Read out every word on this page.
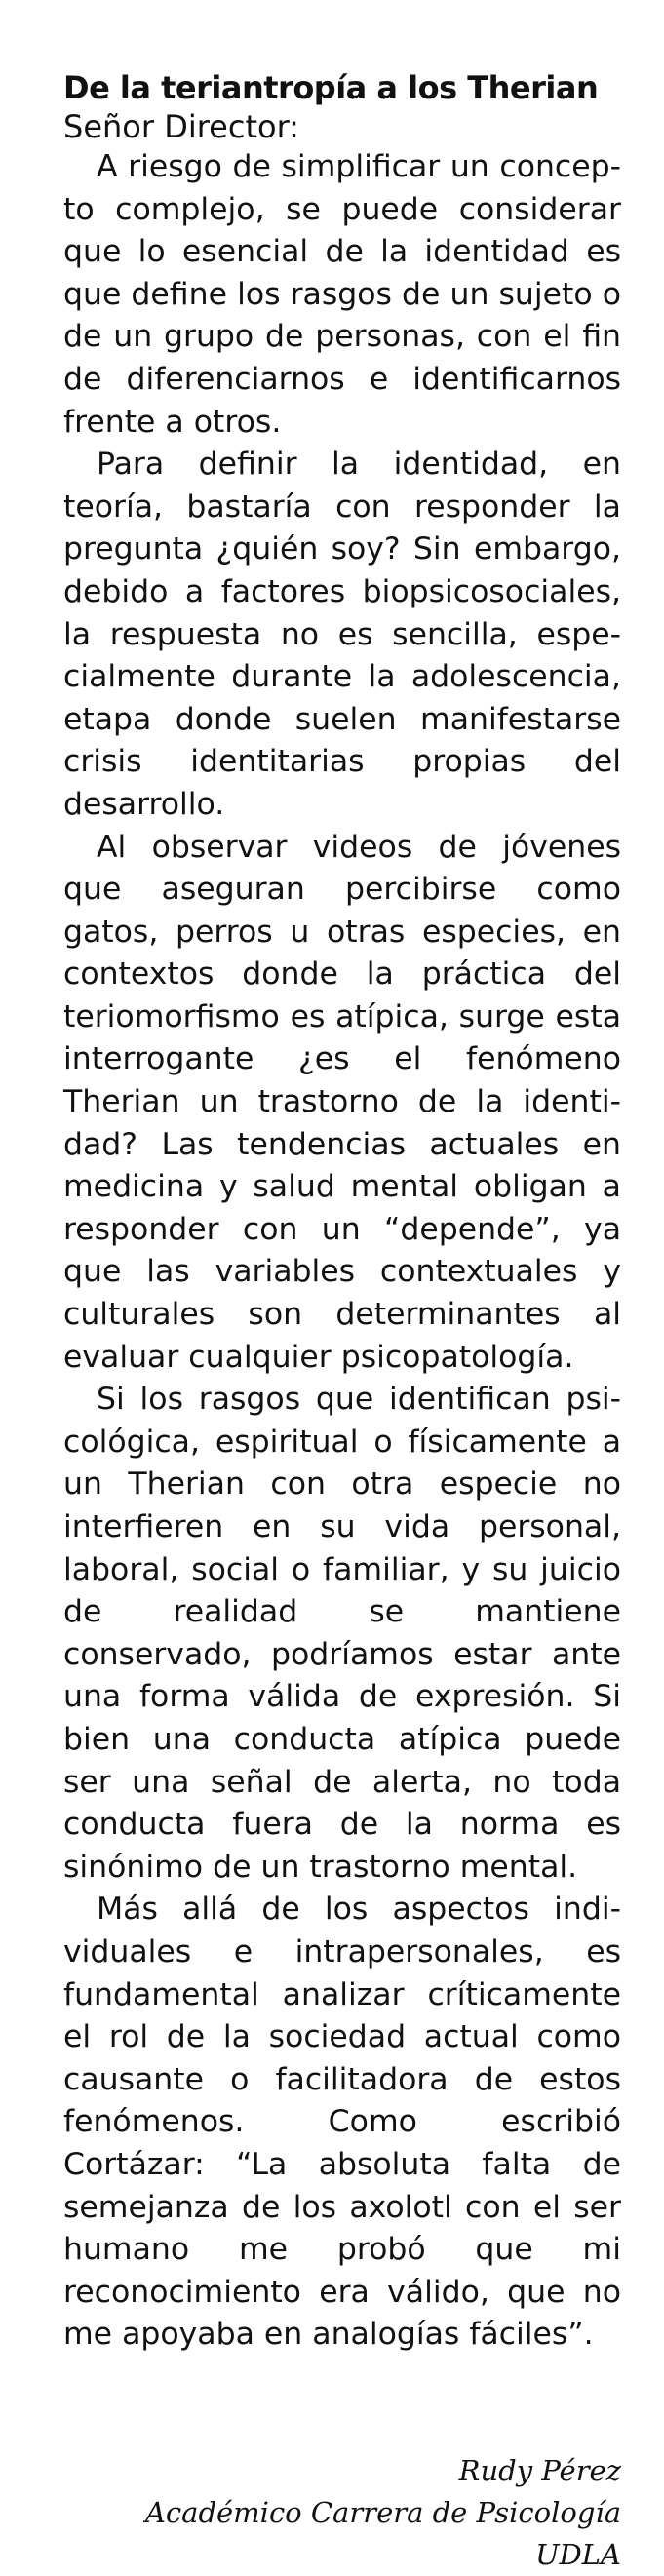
De la teriantropía a los Therian

Señor Director:

A riesgo de simplificar un concepto complejo, se puede considerar que lo esencial de la identidad es que define los rasgos de un sujeto o de un grupo de personas, con el fin de diferenciarnos e identificarnos frente a otros.

Para definir la identidad, en teoría, bastaría con responder la pregunta ¿quién soy? Sin embargo, debido a factores biopsicosociales, la respuesta no es sencilla, especialmente durante la adolescencia, etapa donde suelen manifestarse crisis identitarias propias del desarrollo.

Al observar videos de jóvenes que aseguran percibirse como gatos, perros u otras especies, en contextos donde la práctica del teriomorfismo es atípica, surge esta interrogante ¿es el fenómeno Therian un trastorno de la identidad? Las tendencias actuales en medicina y salud mental obligan a responder con un “depende”, ya que las variables contextuales y culturales son determinantes al evaluar cualquier psicopatología.

Si los rasgos que identifican psicológica, espiritual o físicamente a un Therian con otra especie no interfieren en su vida personal, laboral, social o familiar, y su juicio de realidad se mantiene conservado, podríamos estar ante una forma válida de expresión. Si bien una conducta atípica puede ser una señal de alerta, no toda conducta fuera de la norma es sinónimo de un trastorno mental.

Más allá de los aspectos individuales e intrapersonales, es fundamental analizar críticamente el rol de la sociedad actual como causante o facilitadora de estos fenómenos. Como escribió Cortázar: “La absoluta falta de semejanza de los axolotl con el ser humano me probó que mi reconocimiento era válido, que no me apoyaba en analogías fáciles”.

Rudy Pérez
Académico Carrera de Psicología
UDLA
